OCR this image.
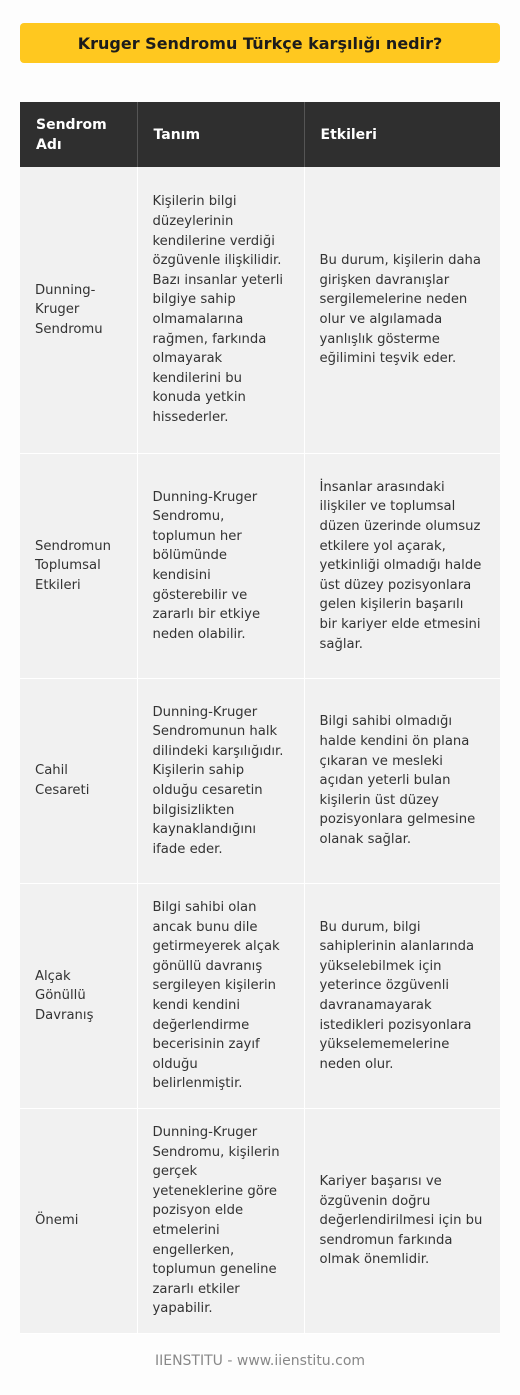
Kruger Sendromu Türkçe karşılığı nedir?
Sendrom Adı	Tanım	Etkileri
Dunning-Kruger Sendromu	Kişilerin bilgi düzeylerinin kendilerine verdiği özgüvenle ilişkilidir. Bazı insanlar yeterli bilgiye sahip olmamalarına rağmen, farkında olmayarak kendilerini bu konuda yetkin hissederler.	Bu durum, kişilerin daha girişken davranışlar sergilemelerine neden olur ve algılamada yanlışlık gösterme eğilimini teşvik eder.
Sendromun Toplumsal Etkileri	Dunning-Kruger Sendromu, toplumun her bölümünde kendisini gösterebilir ve zararlı bir etkiye neden olabilir.	İnsanlar arasındaki ilişkiler ve toplumsal düzen üzerinde olumsuz etkilere yol açarak, yetkinliği olmadığı halde üst düzey pozisyonlara gelen kişilerin başarılı bir kariyer elde etmesini sağlar.
Cahil Cesareti	Dunning-Kruger Sendromunun halk dilindeki karşılığıdır. Kişilerin sahip olduğu cesaretin bilgisizlikten kaynaklandığını ifade eder.	Bilgi sahibi olmadığı halde kendini ön plana çıkaran ve mesleki açıdan yeterli bulan kişilerin üst düzey pozisyonlara gelmesine olanak sağlar.
Alçak Gönüllü Davranış	Bilgi sahibi olan ancak bunu dile getirmeyerek alçak gönüllü davranış sergileyen kişilerin kendi kendini değerlendirme becerisinin zayıf olduğu belirlenmiştir.	Bu durum, bilgi sahiplerinin alanlarında yükselebilmek için yeterince özgüvenli davranamayarak istedikleri pozisyonlara yükselememelerine neden olur.
Önemi	Dunning-Kruger Sendromu, kişilerin gerçek yeteneklerine göre pozisyon elde etmelerini engellerken, toplumun geneline zararlı etkiler yapabilir.	Kariyer başarısı ve özgüvenin doğru değerlendirilmesi için bu sendromun farkında olmak önemlidir.
IIENSTITU - www.iienstitu.com
